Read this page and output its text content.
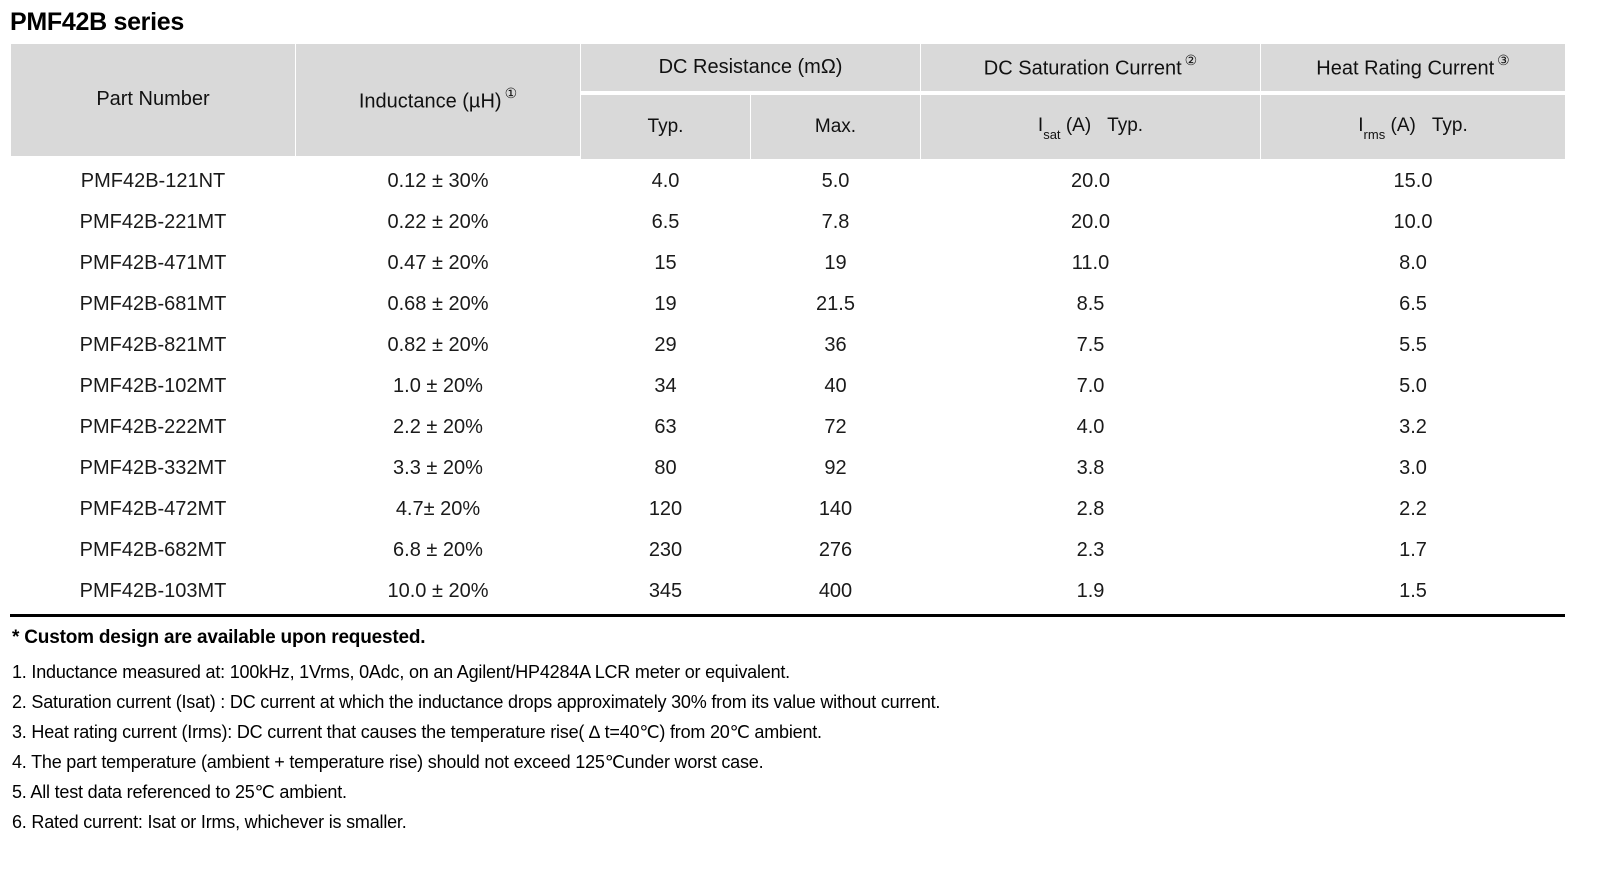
PMF42B series
Part Number	Inductance (µH) ①	DC Resistance (mΩ)		DC Saturation Current ②	Heat Rating Current ③
		Typ.	Max.	$I_{sat}$ (A) Typ.	$I_{rms}$ (A) Typ.
PMF42B-121NT	0.12 ± 30%	4.0	5.0	20.0	15.0
PMF42B-221MT	0.22 ± 20%	6.5	7.8	20.0	10.0
PMF42B-471MT	0.47 ± 20%	15	19	11.0	8.0
PMF42B-681MT	0.68 ± 20%	19	21.5	8.5	6.5
PMF42B-821MT	0.82 ± 20%	29	36	7.5	5.5
PMF42B-102MT	1.0 ± 20%	34	40	7.0	5.0
PMF42B-222MT	2.2 ± 20%	63	72	4.0	3.2
PMF42B-332MT	3.3 ± 20%	80	92	3.8	3.0
PMF42B-472MT	4.7± 20%	120	140	2.8	2.2
PMF42B-682MT	6.8 ± 20%	230	276	2.3	1.7
PMF42B-103MT	10.0 ± 20%	345	400	1.9	1.5
* Custom design are available upon requested.
1. Inductance measured at: 100kHz, 1Vrms, 0Adc, on an Agilent/HP4284A LCR meter or equivalent.
2. Saturation current (Isat) : DC current at which the inductance drops approximately 30% from its value without current.
3. Heat rating current (Irms): DC current that causes the temperature rise( ∆ t=40℃) from 20℃ ambient.
4. The part temperature (ambient + temperature rise) should not exceed 125℃under worst case.
5. All test data referenced to 25℃ ambient.
6. Rated current: Isat or Irms, whichever is smaller.
